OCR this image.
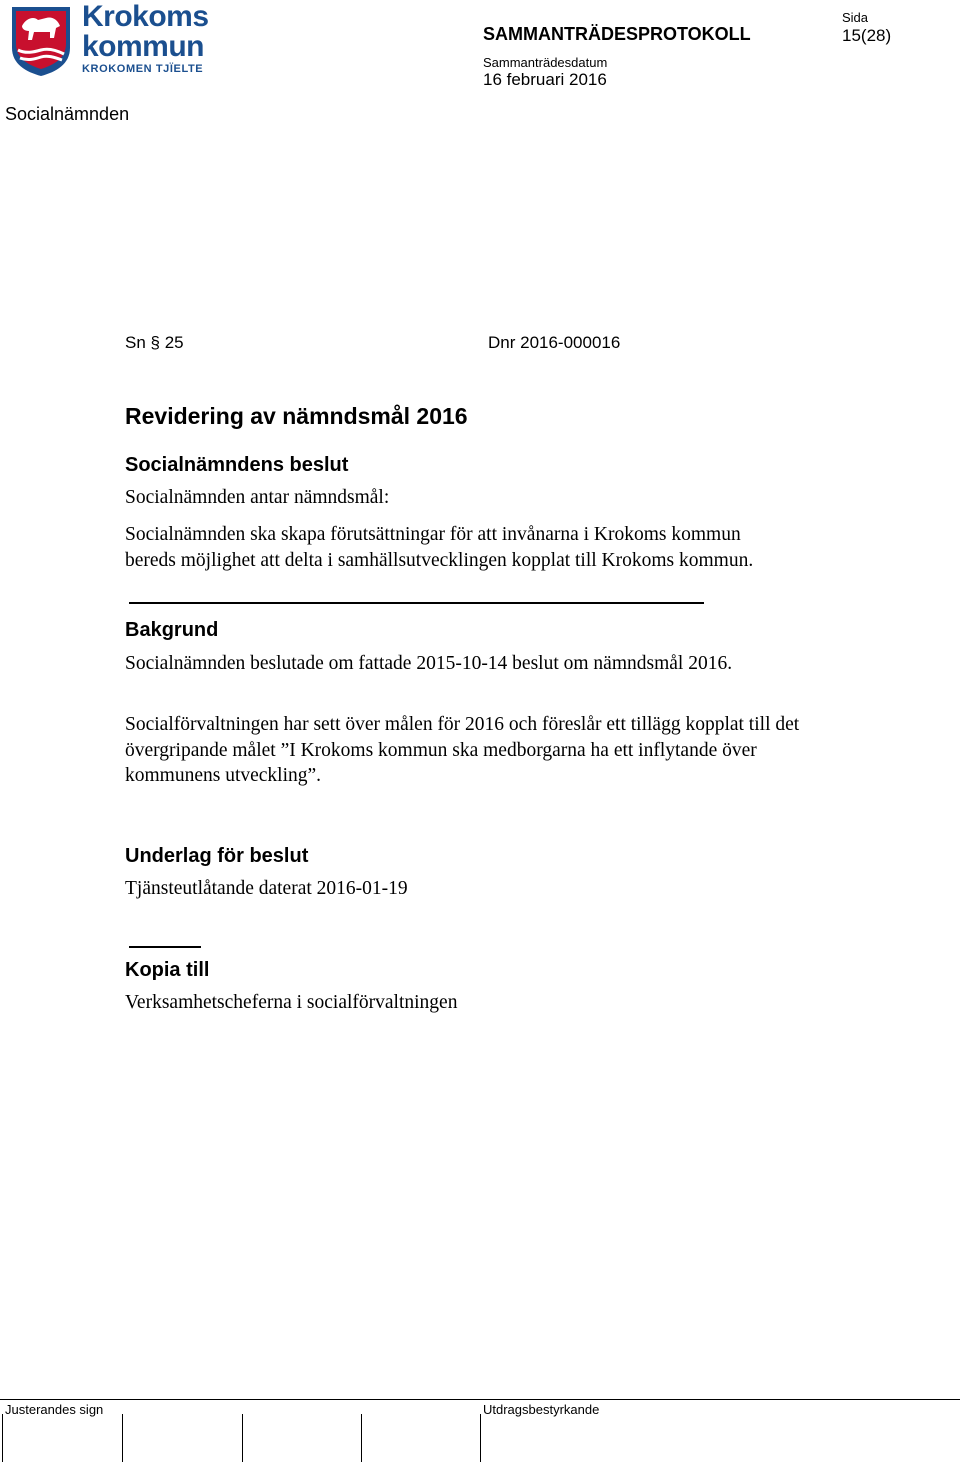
Krokoms
kommun
KROKOMEN TJÏELTE
SAMMANTRÄDESPROTOKOLL
Sida
15(28)
Sammanträdesdatum
16 februari 2016
Socialnämnden
Sn § 25	Dnr 2016-000016
Revidering av nämndsmål 2016
Socialnämndens beslut
Socialnämnden antar nämndsmål:
Socialnämnden ska skapa förutsättningar för att invånarna i Krokoms kommun bereds möjlighet att delta i samhällsutvecklingen kopplat till Krokoms kommun.
Bakgrund
Socialnämnden beslutade om fattade 2015-10-14 beslut om nämndsmål 2016.
Socialförvaltningen har sett över målen för 2016 och föreslår ett tillägg kopplat till det övergripande målet ”I Krokoms kommun ska medborgarna ha ett inflytande över kommunens utveckling”.
Underlag för beslut
Tjänsteutlåtande daterat 2016-01-19
Kopia till
Verksamhetscheferna i socialförvaltningen
Justerandes sign	Utdragsbestyrkande
